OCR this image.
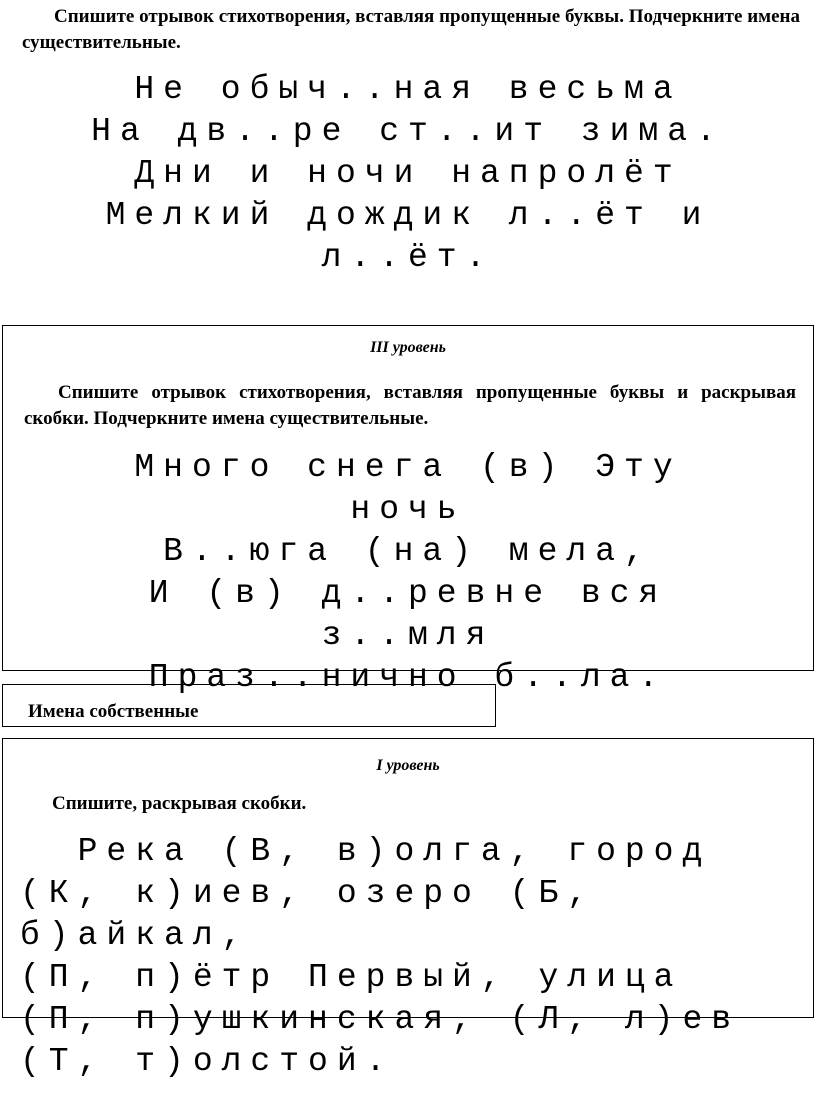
Спишите отрывок стихотворения, вставляя пропущенные буквы. Подчеркните имена существительные.

Не обыч..ная весьма
На дв..ре ст..ит зима.
Дни и ночи напролёт
Мелкий дождик л..ёт и
л..ёт.
III уровень

Спишите отрывок стихотворения, вставляя пропущенные буквы и раскрывая скобки. Подчеркните имена существительные.

Много снега (в) Эту
ночь
В..юга (на) мела,
И (в) д..ревне вся
з..мля
Праз..нично б..ла.
Имена собственные
I уровень

Спишите, раскрывая скобки.

Река (В, в)олга, город
(К, к)иев, озеро (Б,
б)айкал,
(П, п)ётр Первый, улица
(П, п)ушкинская, (Л, л)ев
(Т, т)олстой.
